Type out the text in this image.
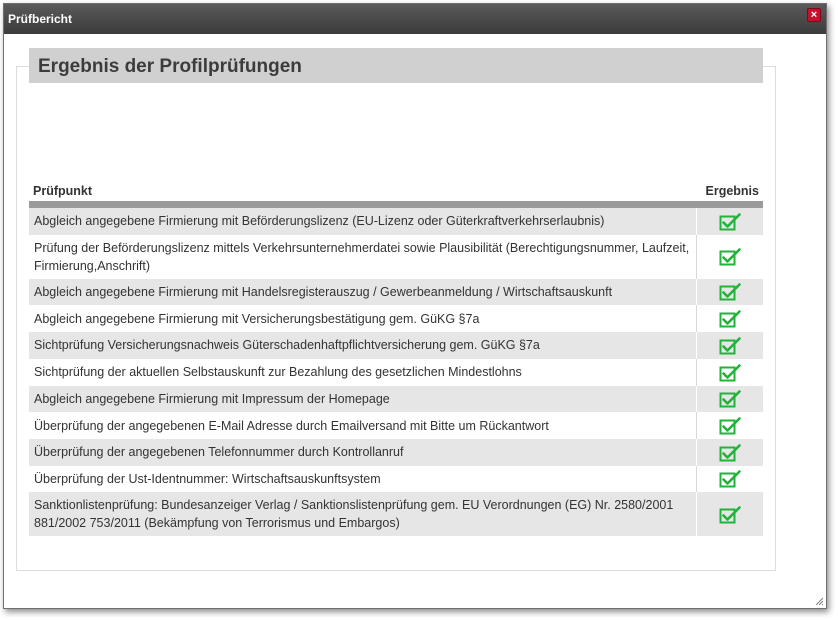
Prüfbericht	×
Ergebnis der Profilprüfungen
Prüfpunkt	Ergebnis
Abgleich angegebene Firmierung mit Beförderungslizenz (EU-Lizenz oder Güterkraftverkehrserlaubnis)	
Prüfung der Beförderungslizenz mittels Verkehrsunternehmerdatei sowie Plausibilität (Berechtigungsnummer, Laufzeit, Firmierung,Anschrift)	
Abgleich angegebene Firmierung mit Handelsregisterauszug / Gewerbeanmeldung / Wirtschaftsauskunft	
Abgleich angegebene Firmierung mit Versicherungsbestätigung gem. GüKG §7a	
Sichtprüfung Versicherungsnachweis Güterschadenhaftpflichtversicherung gem. GüKG §7a	
Sichtprüfung der aktuellen Selbstauskunft zur Bezahlung des gesetzlichen Mindestlohns	
Abgleich angegebene Firmierung mit Impressum der Homepage	
Überprüfung der angegebenen E-Mail Adresse durch Emailversand mit Bitte um Rückantwort	
Überprüfung der angegebenen Telefonnummer durch Kontrollanruf	
Überprüfung der Ust-Identnummer: Wirtschaftsauskunftsystem	
Sanktionlistenprüfung: Bundesanzeiger Verlag / Sanktionslistenprüfung gem. EU Verordnungen (EG) Nr. 2580/2001 881/2002 753/2011 (Bekämpfung von Terrorismus und Embargos)	
